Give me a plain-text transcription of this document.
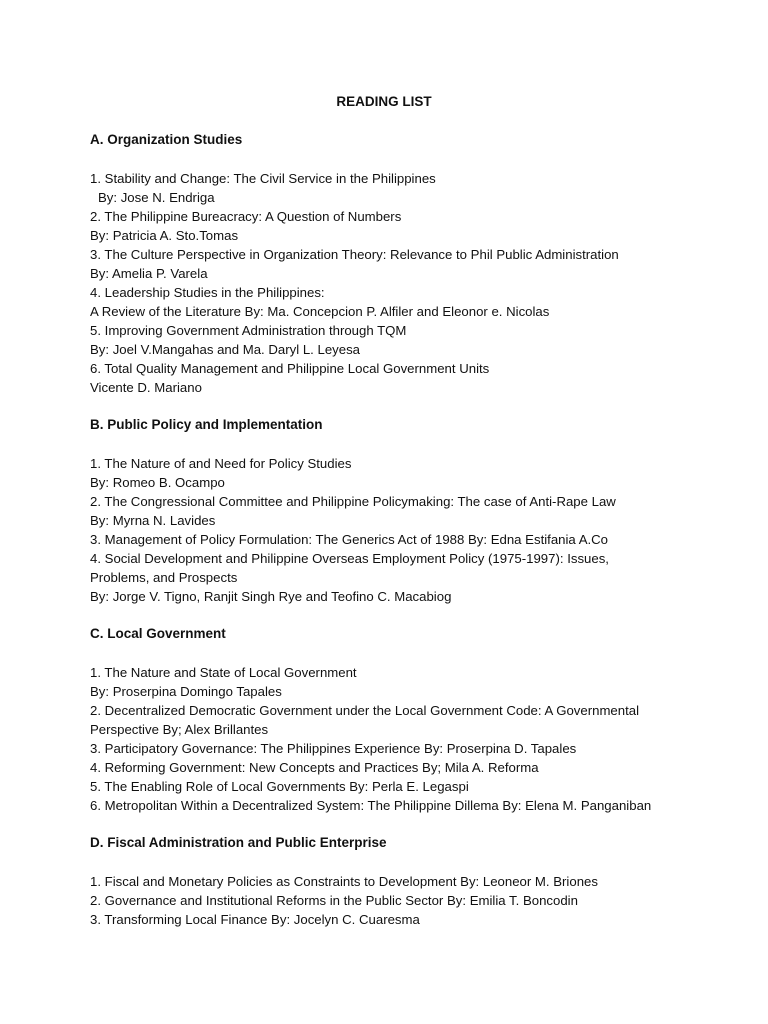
READING LIST
A. Organization Studies
1. Stability and Change: The Civil Service in the Philippines
By: Jose N. Endriga
2. The Philippine Bureacracy: A Question of Numbers
By: Patricia A. Sto.Tomas
3. The Culture Perspective in Organization Theory: Relevance to Phil Public Administration
By: Amelia P. Varela
4. Leadership Studies in the Philippines:
A Review of the Literature By: Ma. Concepcion P. Alfiler and Eleonor e. Nicolas
5. Improving Government Administration through TQM
By: Joel V.Mangahas and Ma. Daryl L. Leyesa
6. Total Quality Management and Philippine Local Government Units
Vicente D. Mariano
B. Public Policy and Implementation
1. The Nature of and Need for Policy Studies
By: Romeo B. Ocampo
2. The Congressional Committee and Philippine Policymaking: The case of Anti-Rape Law
By: Myrna N. Lavides
3. Management of Policy Formulation: The Generics Act of 1988 By: Edna Estifania A.Co
4. Social Development and Philippine Overseas Employment Policy (1975-1997): Issues,
Problems, and Prospects
By: Jorge V. Tigno, Ranjit Singh Rye and Teofino C. Macabiog
C. Local Government
1. The Nature and State of Local Government
By: Proserpina Domingo Tapales
2. Decentralized Democratic Government under the Local Government Code: A Governmental
Perspective By; Alex Brillantes
3. Participatory Governance: The Philippines Experience By: Proserpina D. Tapales
4. Reforming Government: New Concepts and Practices By; Mila A. Reforma
5. The Enabling Role of Local Governments By: Perla E. Legaspi
6. Metropolitan Within a Decentralized System: The Philippine Dillema By: Elena M. Panganiban
D. Fiscal Administration and Public Enterprise
1. Fiscal and Monetary Policies as Constraints to Development By: Leoneor M. Briones
2. Governance and Institutional Reforms in the Public Sector By: Emilia T. Boncodin
3. Transforming Local Finance By: Jocelyn C. Cuaresma
